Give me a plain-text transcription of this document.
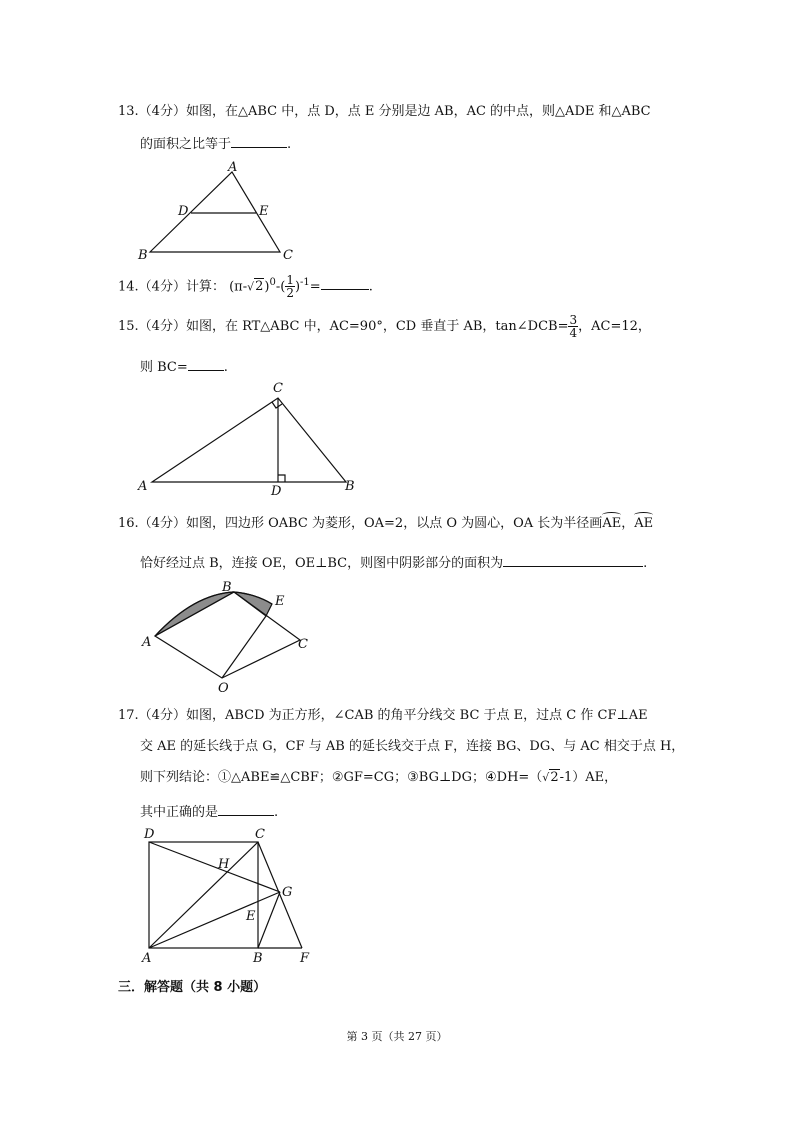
13.（4分）如图，在△ABC 中，点 D，点 E 分别是边 AB，AC 的中点，则△ADE 和△ABC
的面积之比等于	.
A
B	C
D	E
14.（4分）计算： $(\pi-√2)^0-( \frac{1}{2} )^{-1}=$	.
15.（4分）如图，在 RT△ABC 中，AC=90°，CD 垂直于 AB，tan∠DCB= $\frac{3}{4}$ ，AC=12，
则 BC=	.
C
A	B
D
16.（4分）如图，四边形 OABC 为菱形，OA=2，以点 O 为圆心，OA 长为半径画AE，AE
恰好经过点 B，连接 OE，OE⊥BC，则图中阴影部分的面积为	.
B
E
A	C
O
17.（4分）如图，ABCD 为正方形，∠CAB 的角平分线交 BC 于点 E，过点 C 作 CF⊥AE
交 AE 的延长线于点 G，CF 与 AB 的延长线交于点 F，连接 BG、DG、与 AC 相交于点 H，
则下列结论：①△ABE≌△CBF；②GF=CG；③BG⊥DG；④DH=（√2-1）AE，
其中正确的是	.
D	C
H
G
E
A	B	F
三．解答题（共 8 小题）
第 3 页（共 27 页）
